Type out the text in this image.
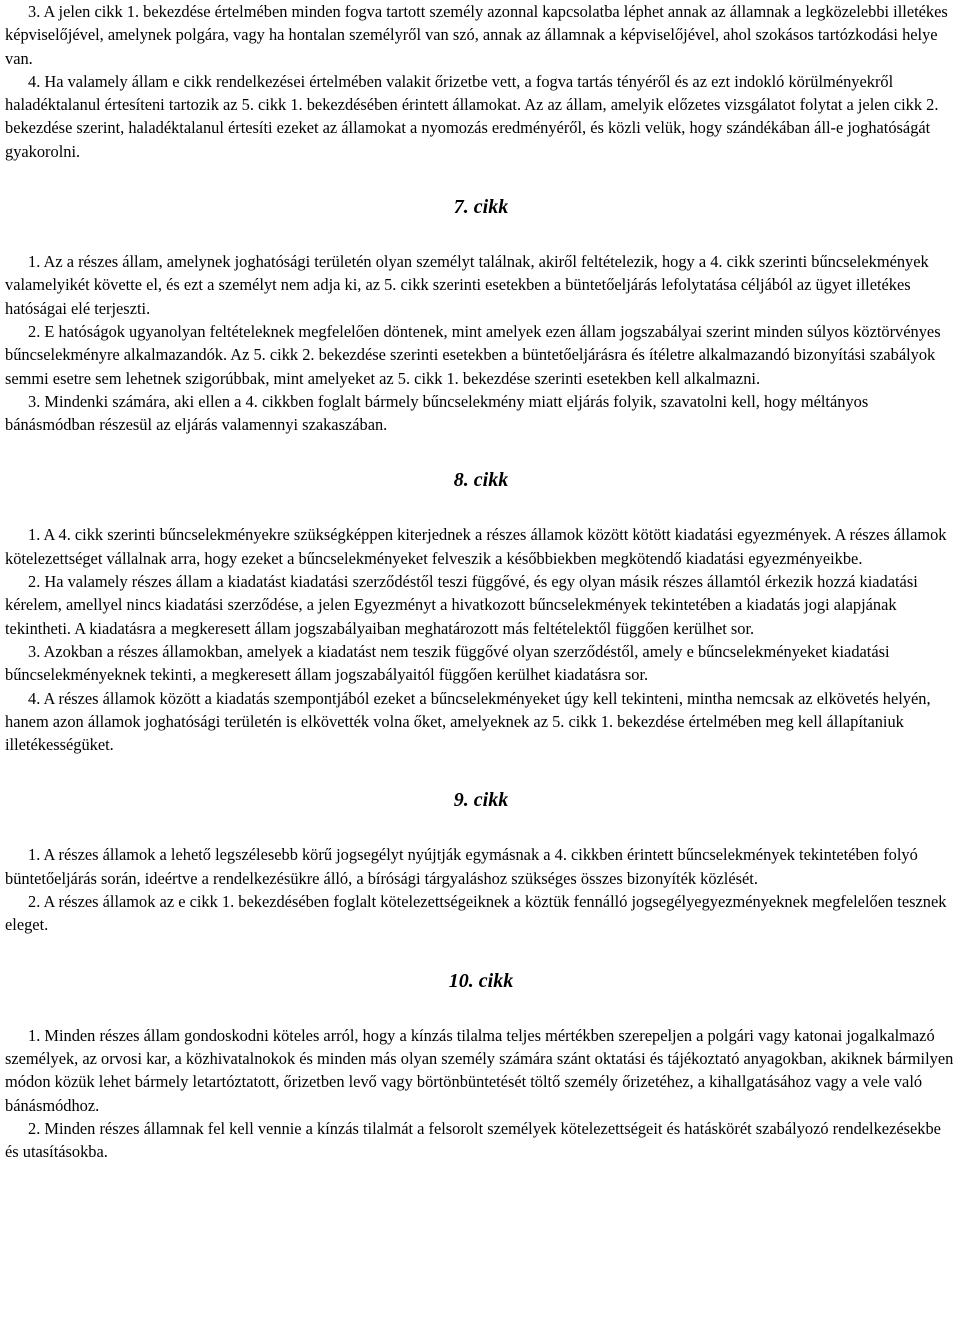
3. A jelen cikk 1. bekezdése értelmében minden fogva tartott személy azonnal kapcsolatba léphet annak az államnak a legközelebbi illetékes képviselőjével, amelynek polgára, vagy ha hontalan személyről van szó, annak az államnak a képviselőjével, ahol szokásos tartózkodási helye van.

4. Ha valamely állam e cikk rendelkezései értelmében valakit őrizetbe vett, a fogva tartás tényéről és az ezt indokló körülményekről haladéktalanul értesíteni tartozik az 5. cikk 1. bekezdésében érintett államokat. Az az állam, amelyik előzetes vizsgálatot folytat a jelen cikk 2. bekezdése szerint, haladéktalanul értesíti ezeket az államokat a nyomozás eredményéről, és közli velük, hogy szándékában áll-e joghatóságát gyakorolni.

7. cikk

1. Az a részes állam, amelynek joghatósági területén olyan személyt találnak, akiről feltételezik, hogy a 4. cikk szerinti bűncselekmények valamelyikét követte el, és ezt a személyt nem adja ki, az 5. cikk szerinti esetekben a büntetőeljárás lefolytatása céljából az ügyet illetékes hatóságai elé terjeszti.

2. E hatóságok ugyanolyan feltételeknek megfelelően döntenek, mint amelyek ezen állam jogszabályai szerint minden súlyos köztörvényes bűncselekményre alkalmazandók. Az 5. cikk 2. bekezdése szerinti esetekben a büntetőeljárásra és ítéletre alkalmazandó bizonyítási szabályok semmi esetre sem lehetnek szigorúbbak, mint amelyeket az 5. cikk 1. bekezdése szerinti esetekben kell alkalmazni.

3. Mindenki számára, aki ellen a 4. cikkben foglalt bármely bűncselekmény miatt eljárás folyik, szavatolni kell, hogy méltányos bánásmódban részesül az eljárás valamennyi szakaszában.

8. cikk

1. A 4. cikk szerinti bűncselekményekre szükségképpen kiterjednek a részes államok között kötött kiadatási egyezmények. A részes államok kötelezettséget vállalnak arra, hogy ezeket a bűncselekményeket felveszik a későbbiekben megkötendő kiadatási egyezményeikbe.

2. Ha valamely részes állam a kiadatást kiadatási szerződéstől teszi függővé, és egy olyan másik részes államtól érkezik hozzá kiadatási kérelem, amellyel nincs kiadatási szerződése, a jelen Egyezményt a hivatkozott bűncselekmények tekintetében a kiadatás jogi alapjának tekintheti. A kiadatásra a megkeresett állam jogszabályaiban meghatározott más feltételektől függően kerülhet sor.

3. Azokban a részes államokban, amelyek a kiadatást nem teszik függővé olyan szerződéstől, amely e bűncselekményeket kiadatási bűncselekményeknek tekinti, a megkeresett állam jogszabályaitól függően kerülhet kiadatásra sor.

4. A részes államok között a kiadatás szempontjából ezeket a bűncselekményeket úgy kell tekinteni, mintha nemcsak az elkövetés helyén, hanem azon államok joghatósági területén is elkövették volna őket, amelyeknek az 5. cikk 1. bekezdése értelmében meg kell állapítaniuk illetékességüket.

9. cikk

1. A részes államok a lehető legszélesebb körű jogsegélyt nyújtják egymásnak a 4. cikkben érintett bűncselekmények tekintetében folyó büntetőeljárás során, ideértve a rendelkezésükre álló, a bírósági tárgyaláshoz szükséges összes bizonyíték közlését.

2. A részes államok az e cikk 1. bekezdésében foglalt kötelezettségeiknek a köztük fennálló jogsegélyegyezményeknek megfelelően tesznek eleget.

10. cikk

1. Minden részes állam gondoskodni köteles arról, hogy a kínzás tilalma teljes mértékben szerepeljen a polgári vagy katonai jogalkalmazó személyek, az orvosi kar, a közhivatalnokok és minden más olyan személy számára szánt oktatási és tájékoztató anyagokban, akiknek bármilyen módon közük lehet bármely letartóztatott, őrizetben levő vagy börtönbüntetését töltő személy őrizetéhez, a kihallgatásához vagy a vele való bánásmódhoz.

2. Minden részes államnak fel kell vennie a kínzás tilalmát a felsorolt személyek kötelezettségeit és hatáskörét szabályozó rendelkezésekbe és utasításokba.
